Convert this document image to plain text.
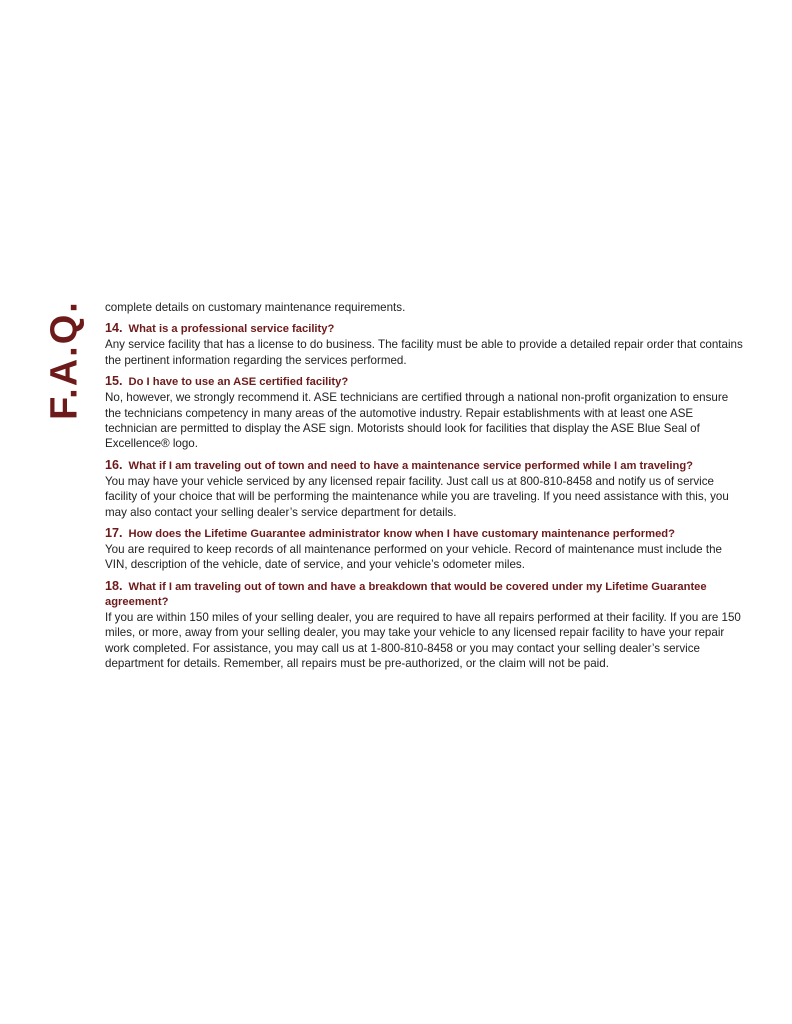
F.A.Q. complete details on customary maintenance requirements.

14. What is a professional service facility?

Any service facility that has a license to do business. The facility must be able to provide a detailed repair order that contains the pertinent information regarding the services performed.

15. Do I have to use an ASE certified facility?

No, however, we strongly recommend it. ASE technicians are certified through a national non-profit organization to ensure the technicians competency in many areas of the automotive industry. Repair establishments with at least one ASE technician are permitted to display the ASE sign. Motorists should look for facilities that display the ASE Blue Seal of Excellence® logo.

16. What if I am traveling out of town and need to have a maintenance service performed while I am traveling?

You may have your vehicle serviced by any licensed repair facility. Just call us at 800-810-8458 and notify us of service facility of your choice that will be performing the maintenance while you are traveling. If you need assistance with this, you may also contact your selling dealer’s service department for details.

17. How does the Lifetime Guarantee administrator know when I have customary maintenance performed?

You are required to keep records of all maintenance performed on your vehicle. Record of maintenance must include the VIN, description of the vehicle, date of service, and your vehicle’s odometer miles.

18. What if I am traveling out of town and have a breakdown that would be covered under my Lifetime Guarantee agreement?

If you are within 150 miles of your selling dealer, you are required to have all repairs performed at their facility. If you are 150 miles, or more, away from your selling dealer, you may take your vehicle to any licensed repair facility to have your repair work completed. For assistance, you may call us at 1-800-810-8458 or you may contact your selling dealer’s service department for details. Remember, all repairs must be pre-authorized, or the claim will not be paid.
